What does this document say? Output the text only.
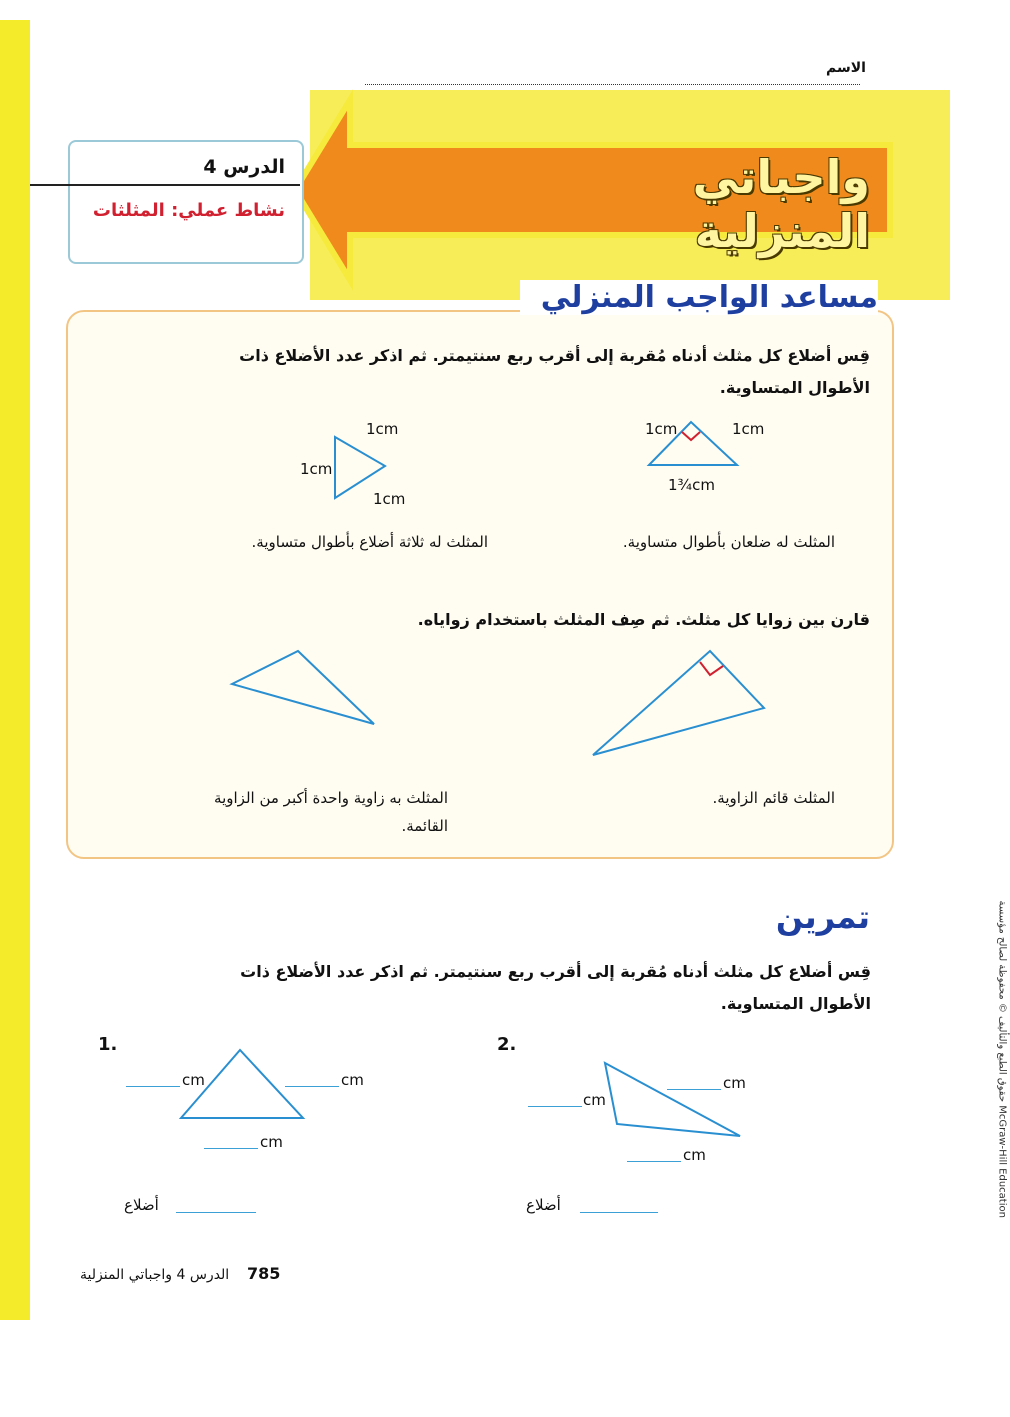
الاسم
واجباتي المنزلية
الدرس 4
نشاط عملي: المثلثات
مساعد الواجب المنزلي
قِس أضلاع كل مثلث أدناه مُقربة إلى أقرب ربع سنتيمتر. ثم اذكر عدد الأضلاع ذات الأطوال المتساوية.
1cm	1cm
1¾cm
المثلث له ضلعان بأطوال متساوية.
1cm
1cm
1cm
المثلث له ثلاثة أضلاع بأطوال متساوية.
قارن بين زوايا كل مثلث. ثم صِف المثلث باستخدام زواياه.
المثلث قائم الزاوية.
المثلث به زاوية واحدة أكبر من الزاوية القائمة.
تمرين
قِس أضلاع كل مثلث أدناه مُقربة إلى أقرب ربع سنتيمتر. ثم اذكر عدد الأضلاع ذات الأطوال المتساوية.
1.
cm	cm
cm
أضلاع
2.
cm
cm
cm
أضلاع
حقوق الطبع والتأليف © محفوظة لصالح مؤسسة McGraw-Hill Education
785    الدرس 4 واجباتي المنزلية
